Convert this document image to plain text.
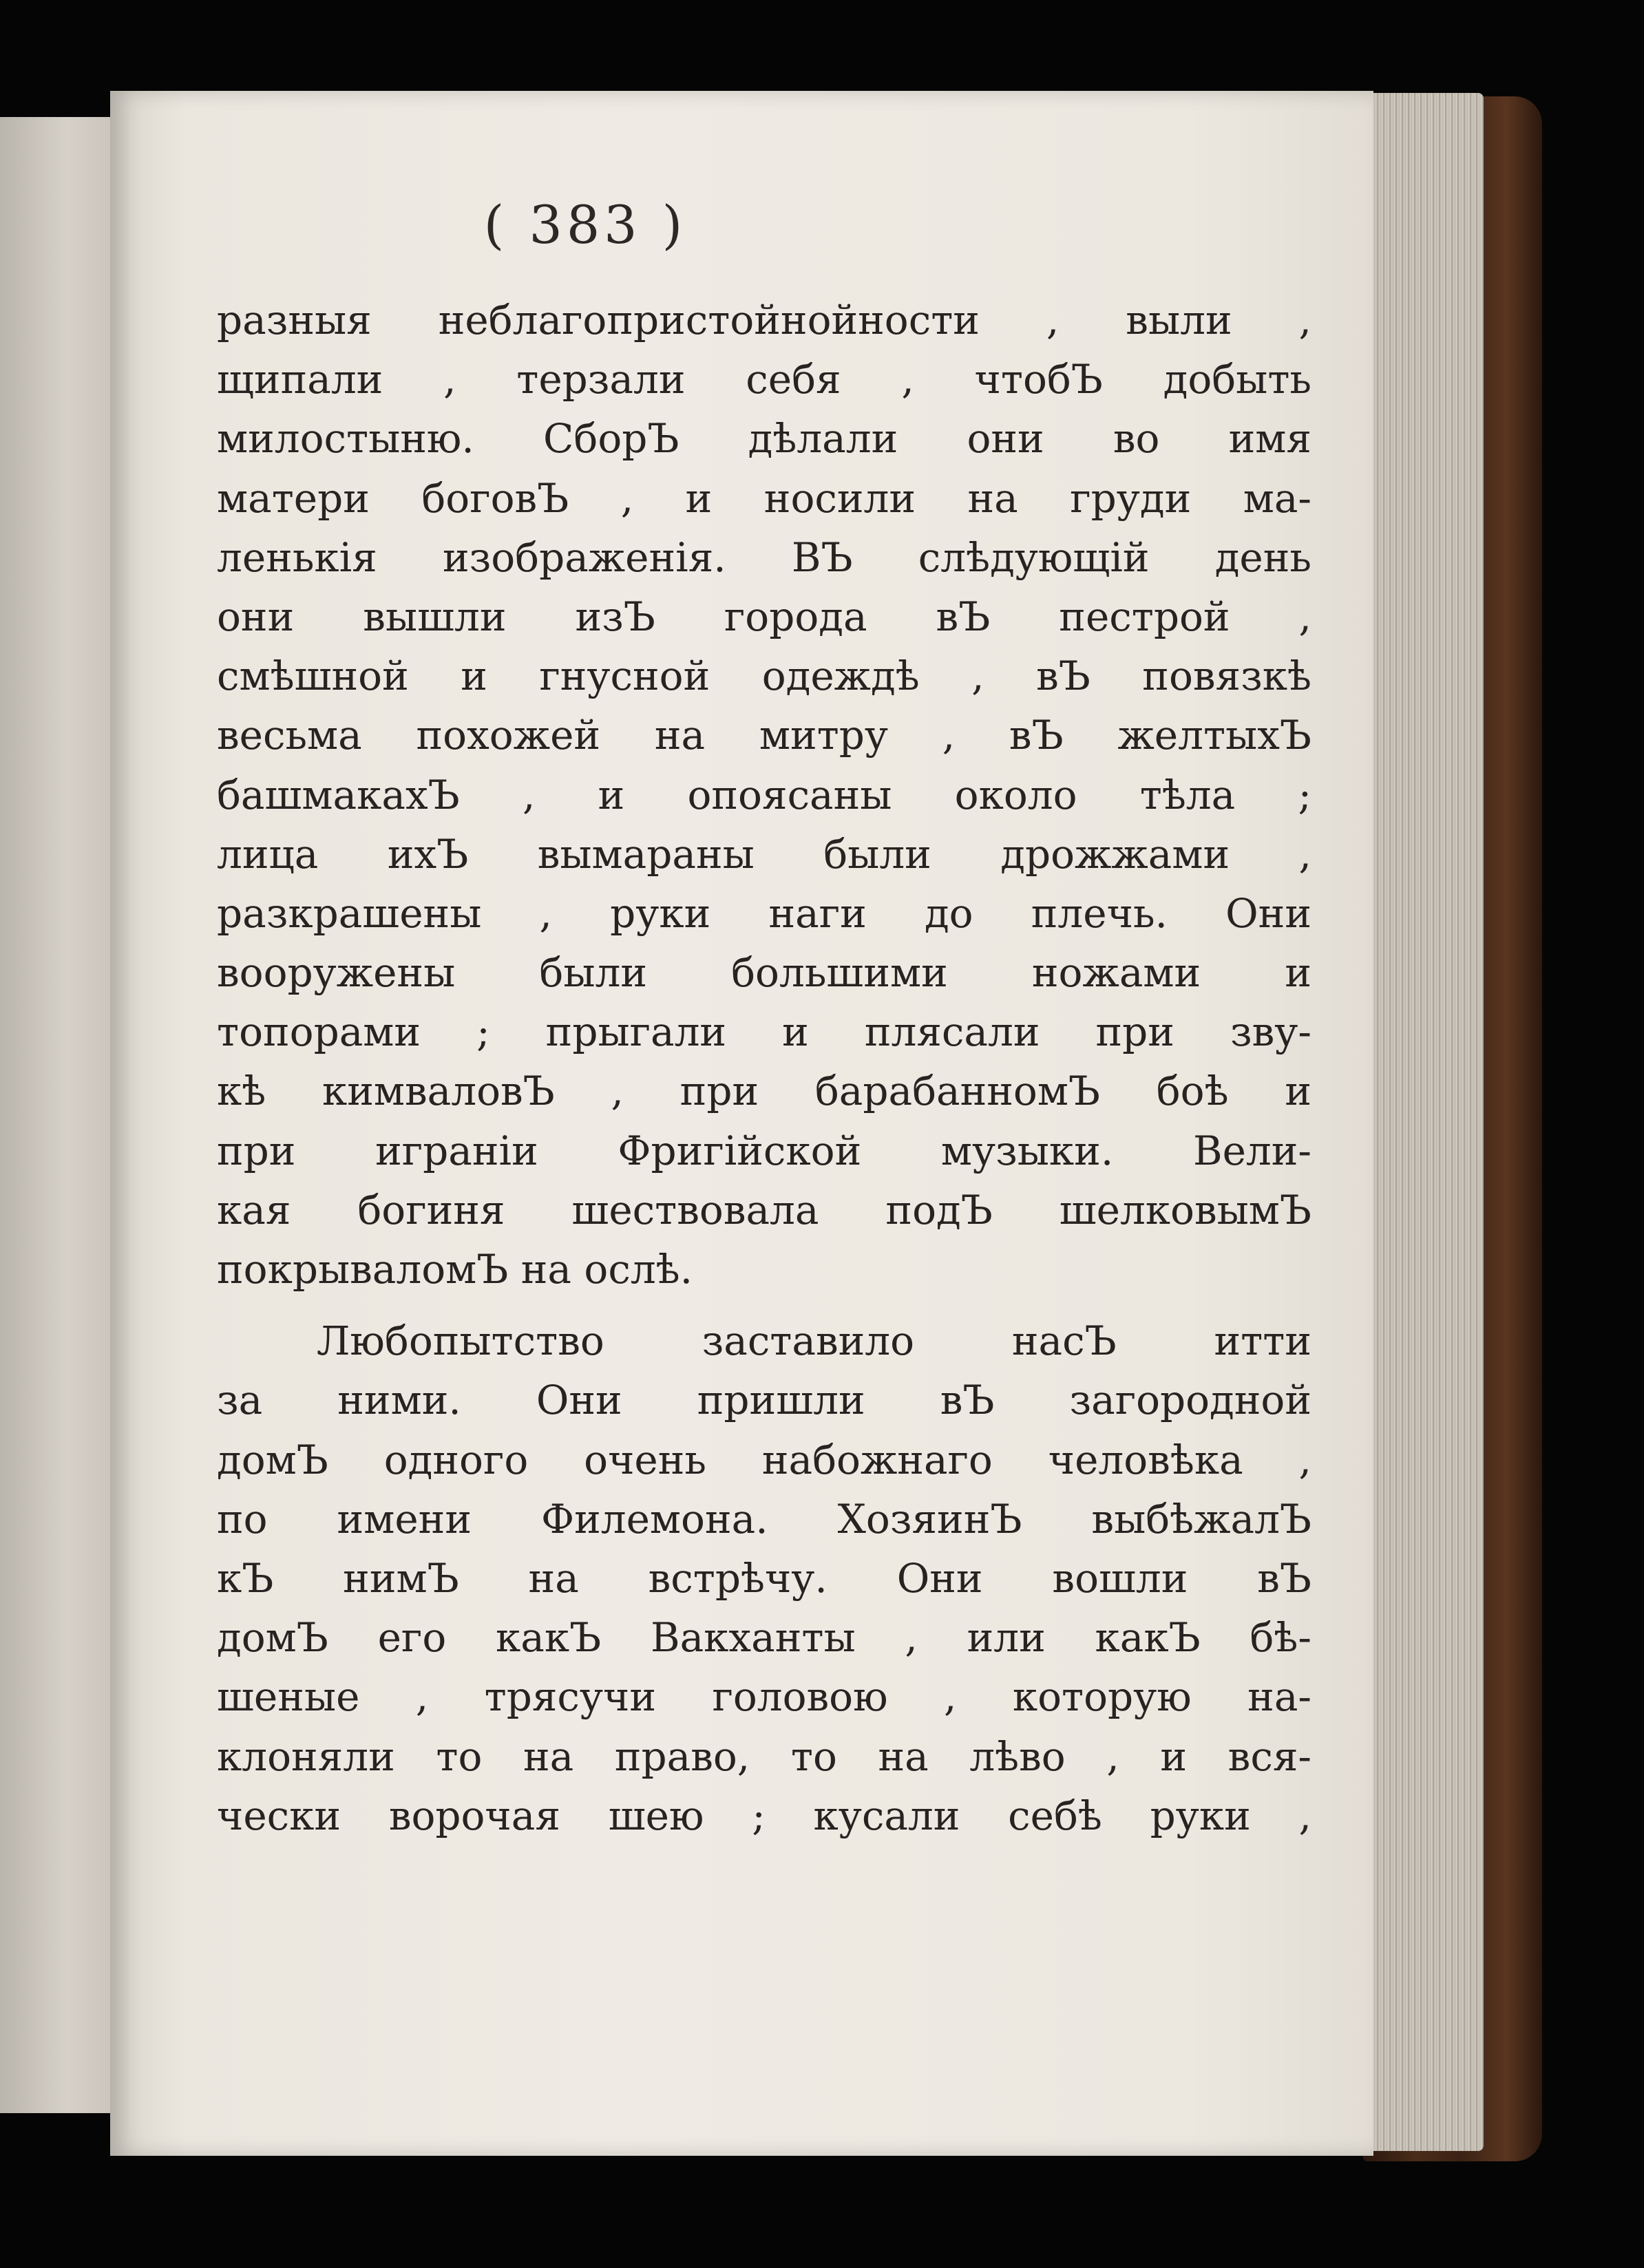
( 383 )
разныя неблагопристойнойности , выли ,
щипали , терзали себя , чтобЪ добыть
милостыню. СборЪ дѣлали они во имя
матери боговЪ , и носили на груди ма-
ленькія изображенія. ВЪ слѣдующій день
они вышли изЪ города вЪ пестрой ,
смѣшной и гнусной одеждѣ , вЪ повязкѣ
весьма похожей на митру , вЪ желтыхЪ
башмакахЪ , и опоясаны около тѣла ;
лица ихЪ вымараны были дрожжами ,
разкрашены , руки наги до плечь. Они
вооружены были большими ножами и
топорами ; прыгали и плясали при зву-
кѣ кимваловЪ , при барабанномЪ боѣ и
при играніи Фригійской музыки. Вели-
кая богиня шествовала подЪ шелковымЪ
покрываломЪ на ослѣ.
Любопытство заставило насЪ итти
за ними. Они пришли вЪ загородной
домЪ одного очень набожнаго человѣка ,
по имени Филемона. ХозяинЪ выбѣжалЪ
кЪ нимЪ на встрѣчу. Они вошли вЪ
домЪ его какЪ Вакханты , или какЪ бѣ-
шеные , трясучи головою , которую на-
клоняли то на право, то на лѣво , и вся-
чески ворочая шею ; кусали себѣ руки ,
